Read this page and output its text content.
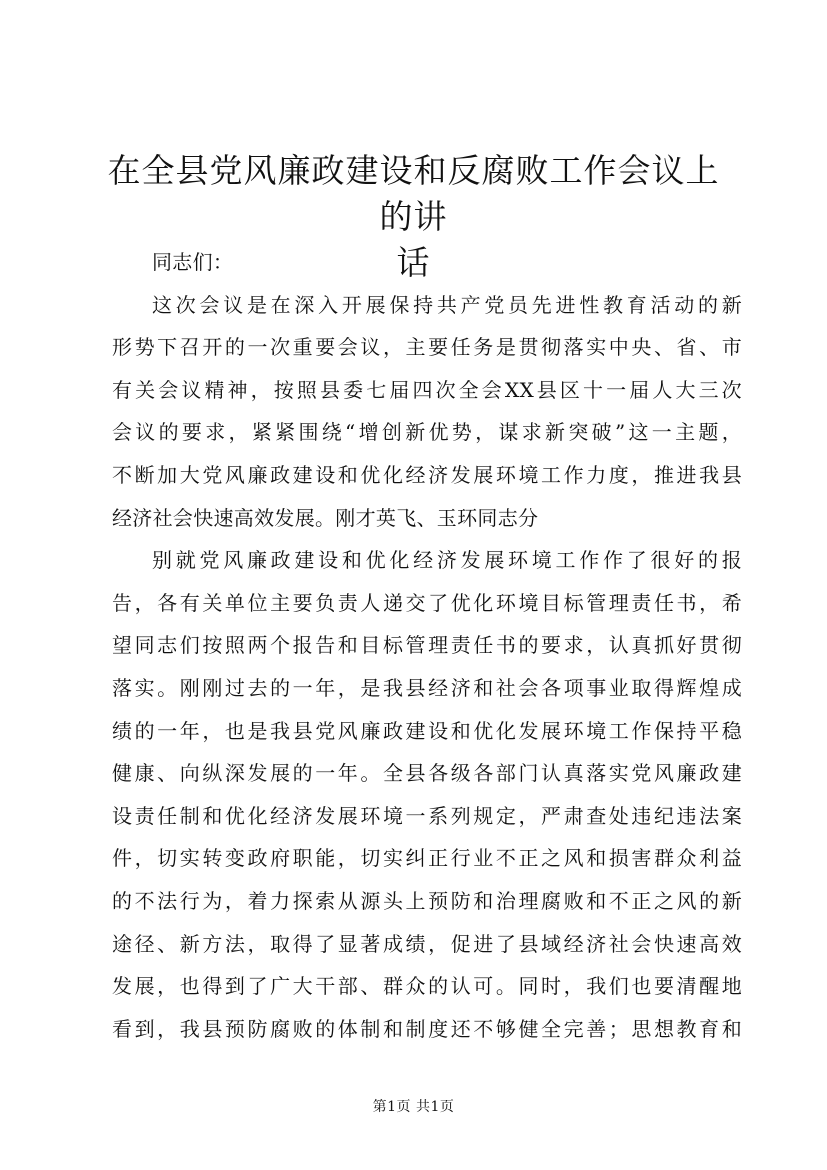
在全县党风廉政建设和反腐败工作会议上的讲
话
同志们：
这次会议是在深入开展保持共产党员先进性教育活动的新
形势下召开的一次重要会议，主要任务是贯彻落实中央、省、市
有关会议精神，按照县委七届四次全会XX县区十一届人大三次
会议的要求，紧紧围绕“增创新优势，谋求新突破”这一主题，
不断加大党风廉政建设和优化经济发展环境工作力度，推进我县
经济社会快速高效发展。刚才英飞、玉环同志分
别就党风廉政建设和优化经济发展环境工作作了很好的报
告，各有关单位主要负责人递交了优化环境目标管理责任书，希
望同志们按照两个报告和目标管理责任书的要求，认真抓好贯彻
落实。刚刚过去的一年，是我县经济和社会各项事业取得辉煌成
绩的一年，也是我县党风廉政建设和优化发展环境工作保持平稳
健康、向纵深发展的一年。全县各级各部门认真落实党风廉政建
设责任制和优化经济发展环境一系列规定，严肃查处违纪违法案
件，切实转变政府职能，切实纠正行业不正之风和损害群众利益
的不法行为，着力探索从源头上预防和治理腐败和不正之风的新
途径、新方法，取得了显著成绩，促进了县域经济社会快速高效
发展，也得到了广大干部、群众的认可。同时，我们也要清醒地
看到，我县预防腐败的体制和制度还不够健全完善；思想教育和
第1页 共1页
